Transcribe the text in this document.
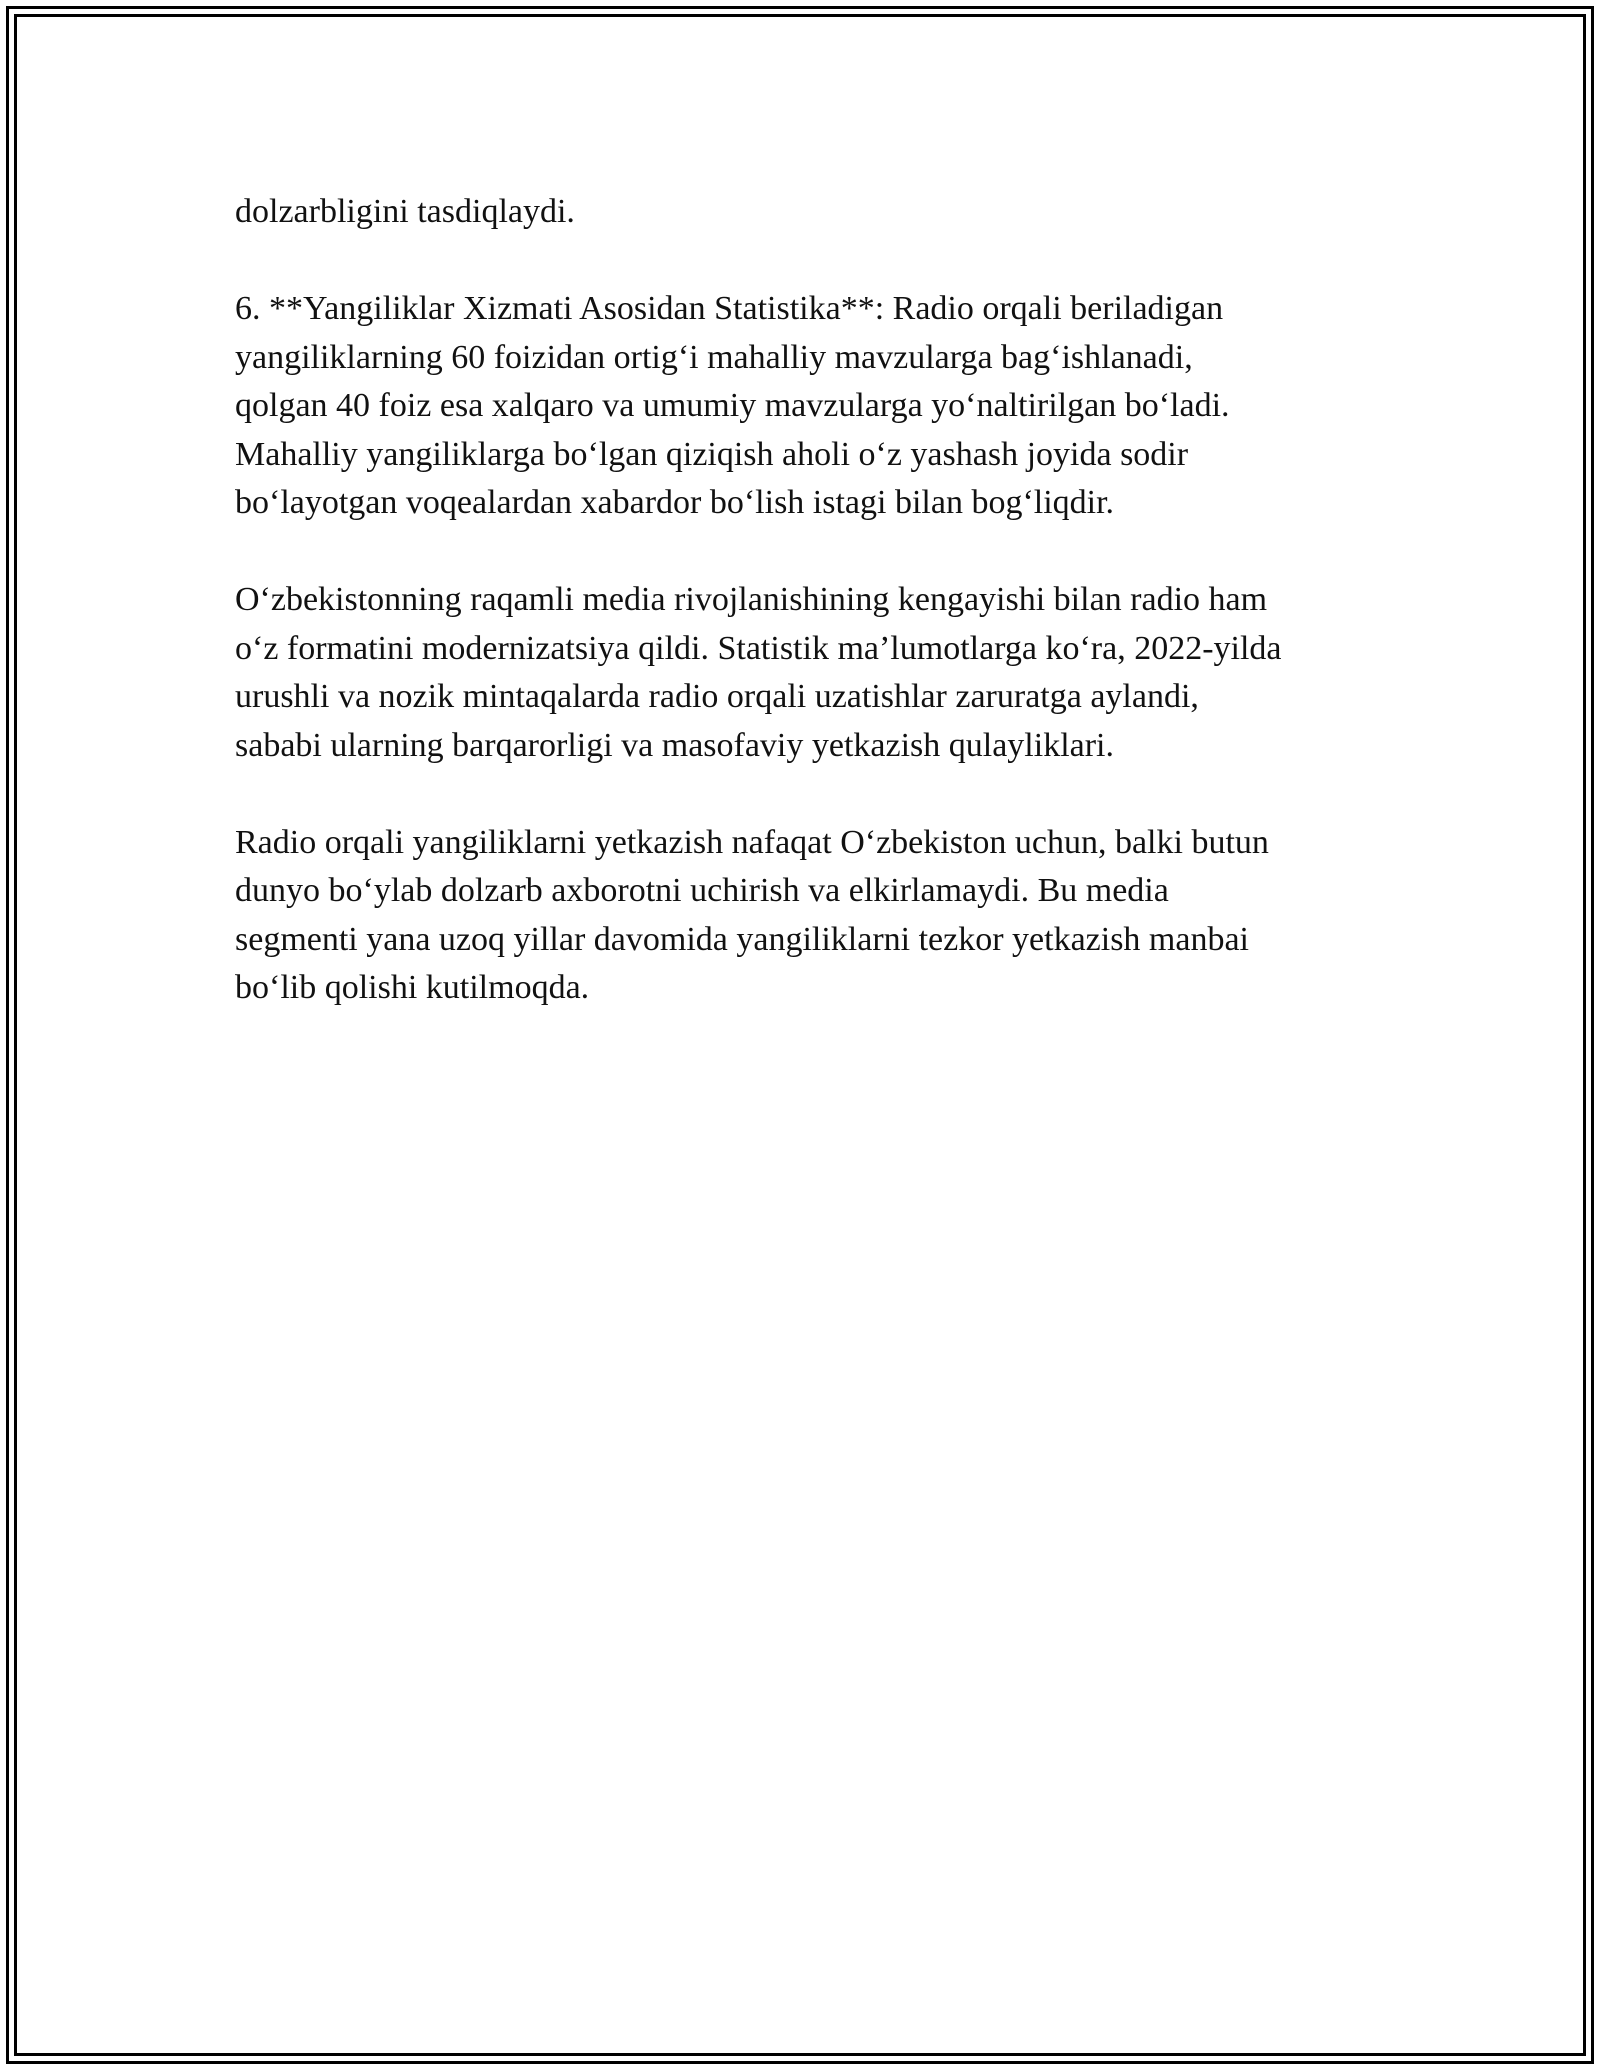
dolzarbligini tasdiqlaydi.

6. **Yangiliklar Xizmati Asosidan Statistika**: Radio orqali beriladigan
yangiliklarning 60 foizidan ortig‘i mahalliy mavzularga bag‘ishlanadi,
qolgan 40 foiz esa xalqaro va umumiy mavzularga yo‘naltirilgan bo‘ladi.
Mahalliy yangiliklarga bo‘lgan qiziqish aholi o‘z yashash joyida sodir
bo‘layotgan voqealardan xabardor bo‘lish istagi bilan bog‘liqdir.

O‘zbekistonning raqamli media rivojlanishining kengayishi bilan radio ham
o‘z formatini modernizatsiya qildi. Statistik ma’lumotlarga ko‘ra, 2022-yilda
urushli va nozik mintaqalarda radio orqali uzatishlar zaruratga aylandi,
sababi ularning barqarorligi va masofaviy yetkazish qulayliklari.

Radio orqali yangiliklarni yetkazish nafaqat O‘zbekiston uchun, balki butun
dunyo bo‘ylab dolzarb axborotni uchirish va elkirlamaydi. Bu media
segmenti yana uzoq yillar davomida yangiliklarni tezkor yetkazish manbai
bo‘lib qolishi kutilmoqda.
